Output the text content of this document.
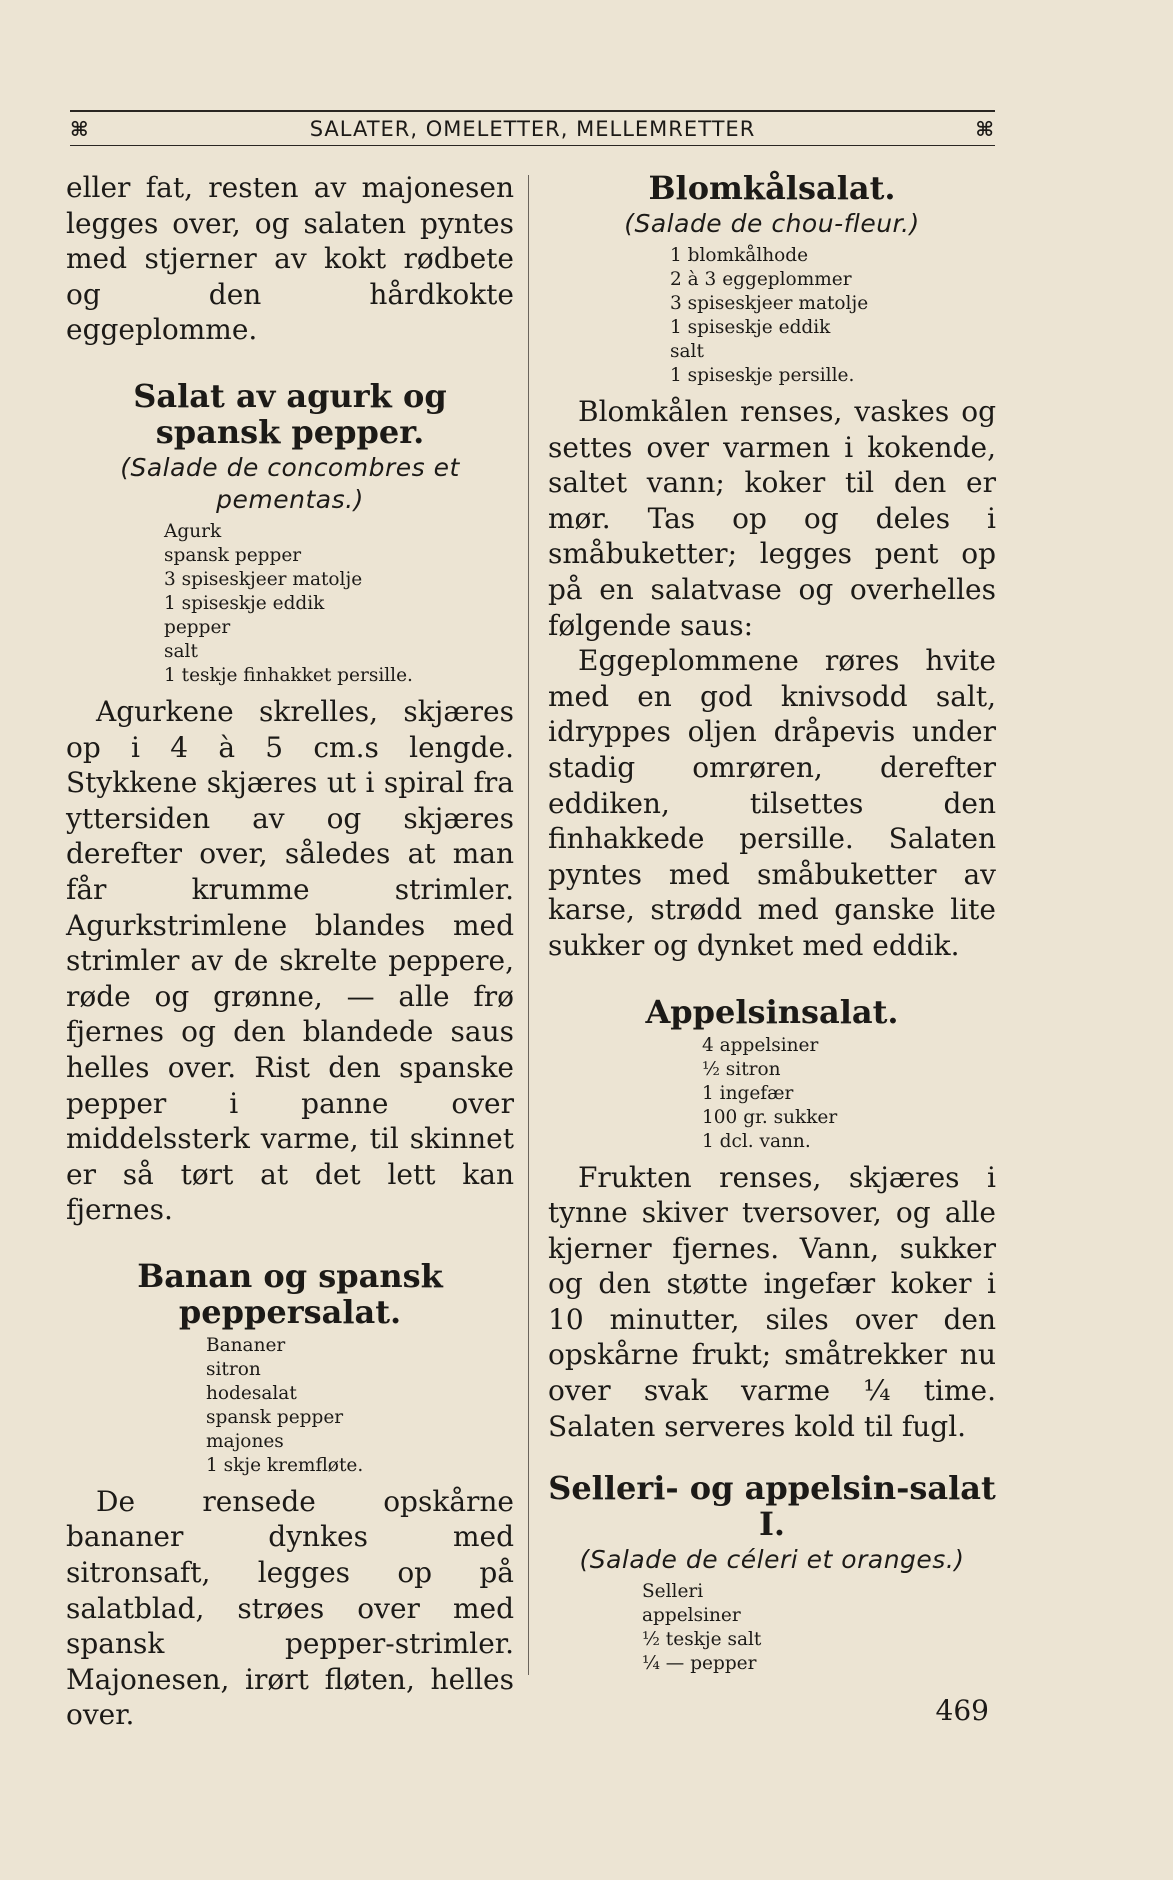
⌘	SALATER, OMELETTER, MELLEMRETTER	⌘

eller fat, resten av majonesen legges over, og salaten pyntes med stjerner av kokt rødbete og den hårdkokte eggeplomme.

Salat av agurk og spansk pepper.

(Salade de concombres et pementas.)

Agurk
spansk pepper
3 spiseskjeer matolje
1 spiseskje eddik
pepper
salt
1 teskje finhakket persille.

Agurkene skrelles, skjæres op i 4 à 5 cm.s lengde. Stykkene skjæres ut i spiral fra yttersiden av og skjæres derefter over, således at man får krumme strimler. Agurkstrimlene blandes med strimler av de skrelte peppere, røde og grønne, — alle frø fjernes og den blandede saus helles over. Rist den spanske pepper i panne over middelssterk varme, til skinnet er så tørt at det lett kan fjernes.

Banan og spansk peppersalat.

Bananer
sitron
hodesalat
spansk pepper
majones
1 skje kremfløte.

De rensede opskårne bananer dynkes med sitronsaft, legges op på salatblad, strøes over med spansk pepper-strimler. Majonesen, irørt fløten, helles over.

Blomkålsalat.

(Salade de chou-fleur.)

1 blomkålhode
2 à 3 eggeplommer
3 spiseskjeer matolje
1 spiseskje eddik
salt
1 spiseskje persille.

Blomkålen renses, vaskes og settes over varmen i kokende, saltet vann; koker til den er mør. Tas op og deles i småbuketter; legges pent op på en salatvase og overhelles følgende saus:

Eggeplommene røres hvite med en god knivsodd salt, idryppes oljen dråpevis under stadig omrøren, derefter eddiken, tilsettes den finhakkede persille. Salaten pyntes med småbuketter av karse, strødd med ganske lite sukker og dynket med eddik.

Appelsinsalat.

4 appelsiner
½ sitron
1 ingefær
100 gr. sukker
1 dcl. vann.

Frukten renses, skjæres i tynne skiver tversover, og alle kjerner fjernes. Vann, sukker og den støtte ingefær koker i 10 minutter, siles over den opskårne frukt; småtrekker nu over svak varme ¼ time. Salaten serveres kold til fugl.

Selleri- og appelsin-salat I.

(Salade de céleri et oranges.)

Selleri
appelsiner
½ teskje salt
¼ — pepper
469
